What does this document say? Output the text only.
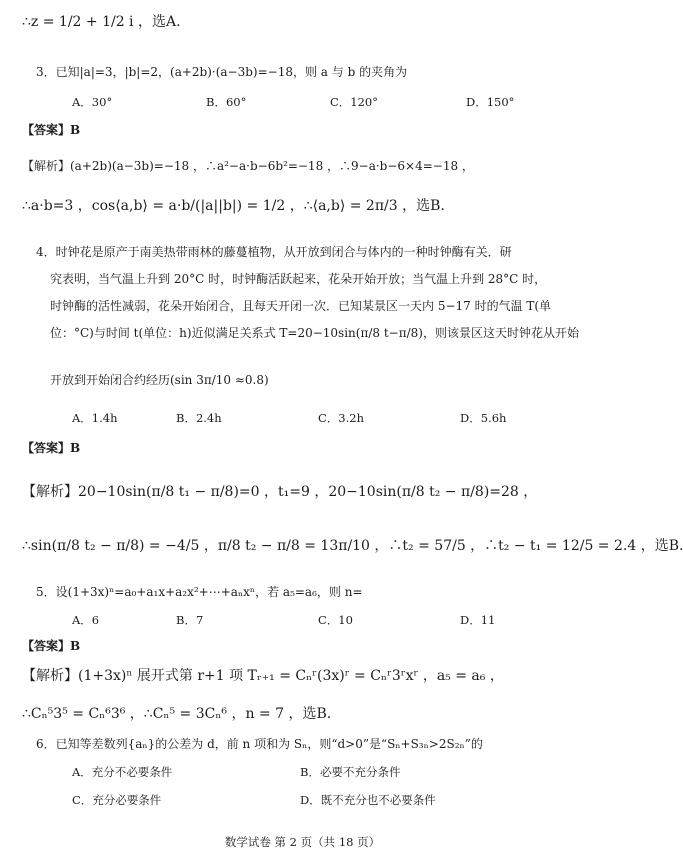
∴z = 1/2 + 1/2 i ，选A.
3．已知|a|=3，|b|=2，(a+2b)·(a−3b)=−18，则 a 与 b 的夹角为
A．30°	B．60°	C．120°	D．150°
【答案】B
【解析】(a+2b)(a−3b)=−18 ，∴a²−a·b−6b²=−18 ，∴9−a·b−6×4=−18 ，
∴a·b=3 ，cos⟨a,b⟩ = a·b/(|a||b|) = 1/2 ，∴⟨a,b⟩ = 2π/3 ，选B.
4．时钟花是原产于南美热带雨林的藤蔓植物，从开放到闭合与体内的一种时钟酶有关．研
究表明，当气温上升到 20°C 时，时钟酶活跃起来，花朵开始开放；当气温上升到 28°C 时，
时钟酶的活性减弱，花朵开始闭合，且每天开闭一次．已知某景区一天内 5−17 时的气温 T(单
位：°C)与时间 t(单位：h)近似满足关系式 T=20−10sin(π/8 t−π/8)，则该景区这天时钟花从开始
开放到开始闭合约经历(sin 3π/10 ≈0.8)
A．1.4h	B．2.4h	C．3.2h	D．5.6h
【答案】B
【解析】20−10sin(π/8 t₁ − π/8)=0 ，t₁=9 ，20−10sin(π/8 t₂ − π/8)=28 ，
∴sin(π/8 t₂ − π/8) = −4/5 ，π/8 t₂ − π/8 = 13π/10 ，∴t₂ = 57/5 ，∴t₂ − t₁ = 12/5 = 2.4 ，选B.
5．设(1+3x)ⁿ=a₀+a₁x+a₂x²+⋯+aₙxⁿ，若 a₅=a₆，则 n=
A．6	B．7	C．10	D．11
【答案】B
【解析】(1+3x)ⁿ 展开式第 r+1 项 Tᵣ₊₁ = Cₙʳ(3x)ʳ = Cₙʳ3ʳxʳ ，a₅ = a₆ ，
∴Cₙ⁵3⁵ = Cₙ⁶3⁶ ，∴Cₙ⁵ = 3Cₙ⁶ ，n = 7 ，选B.
6．已知等差数列{aₙ}的公差为 d，前 n 项和为 Sₙ，则“d>0”是“Sₙ+S₃ₙ>2S₂ₙ”的
A．充分不必要条件	B．必要不充分条件
C．充分必要条件	D．既不充分也不必要条件
数学试卷 第 2 页（共 18 页）
